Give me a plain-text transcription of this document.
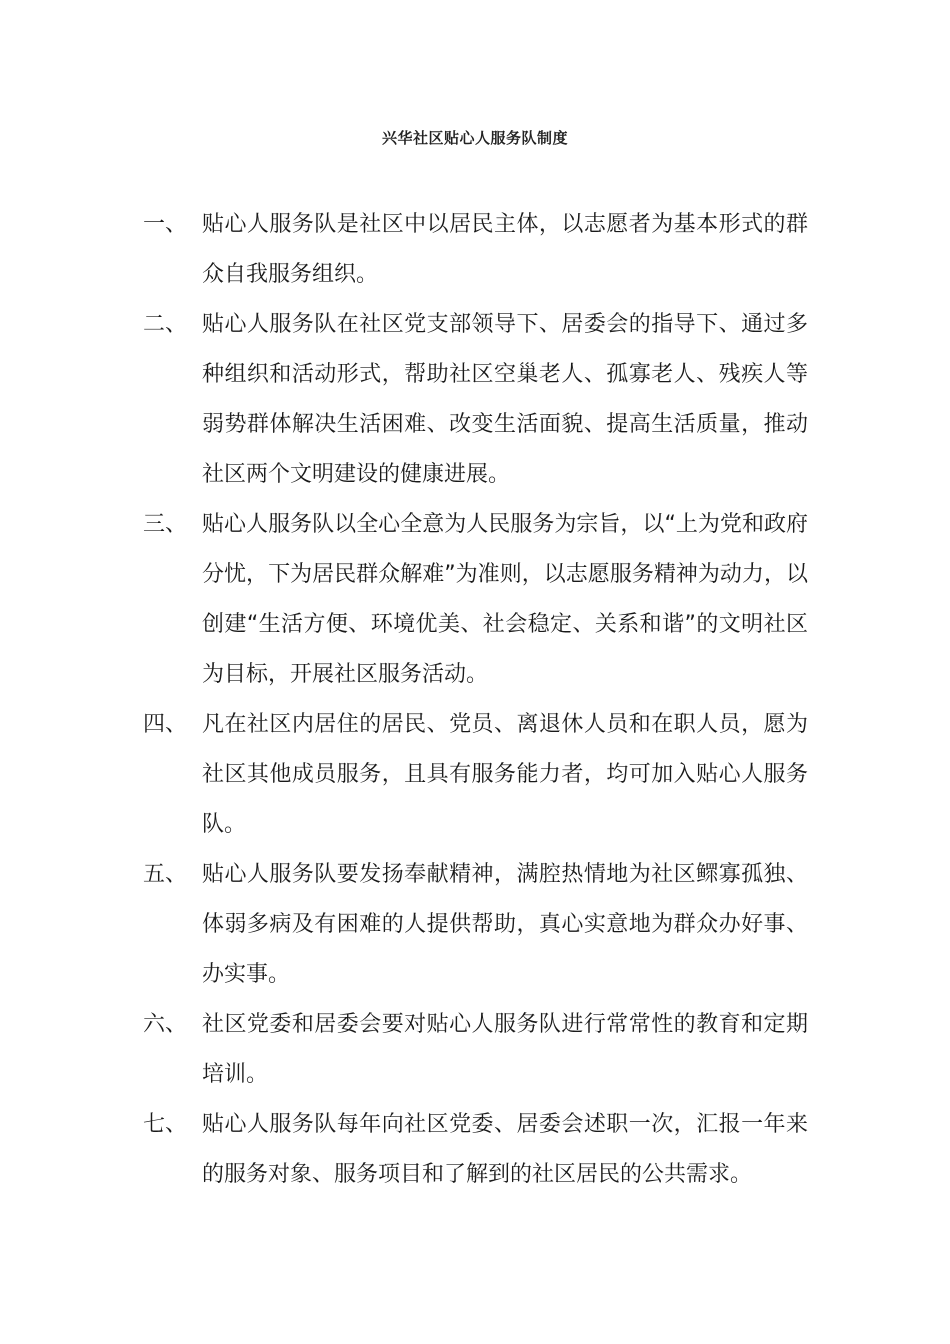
兴华社区贴心人服务队制度
一、 贴心人服务队是社区中以居民主体，以志愿者为基本形式的群众自我服务组织。
二、 贴心人服务队在社区党支部领导下、居委会的指导下、通过多种组织和活动形式，帮助社区空巢老人、孤寡老人、残疾人等弱势群体解决生活困难、改变生活面貌、提高生活质量，推动社区两个文明建设的健康进展。
三、 贴心人服务队以全心全意为人民服务为宗旨，以“上为党和政府分忧，下为居民群众解难”为准则，以志愿服务精神为动力，以创建“生活方便、环境优美、社会稳定、关系和谐”的文明社区为目标，开展社区服务活动。
四、 凡在社区内居住的居民、党员、离退休人员和在职人员，愿为社区其他成员服务，且具有服务能力者，均可加入贴心人服务队。
五、 贴心人服务队要发扬奉献精神，满腔热情地为社区鳏寡孤独、体弱多病及有困难的人提供帮助，真心实意地为群众办好事、办实事。
六、 社区党委和居委会要对贴心人服务队进行常常性的教育和定期培训。
七、 贴心人服务队每年向社区党委、居委会述职一次，汇报一年来的服务对象、服务项目和了解到的社区居民的公共需求。
